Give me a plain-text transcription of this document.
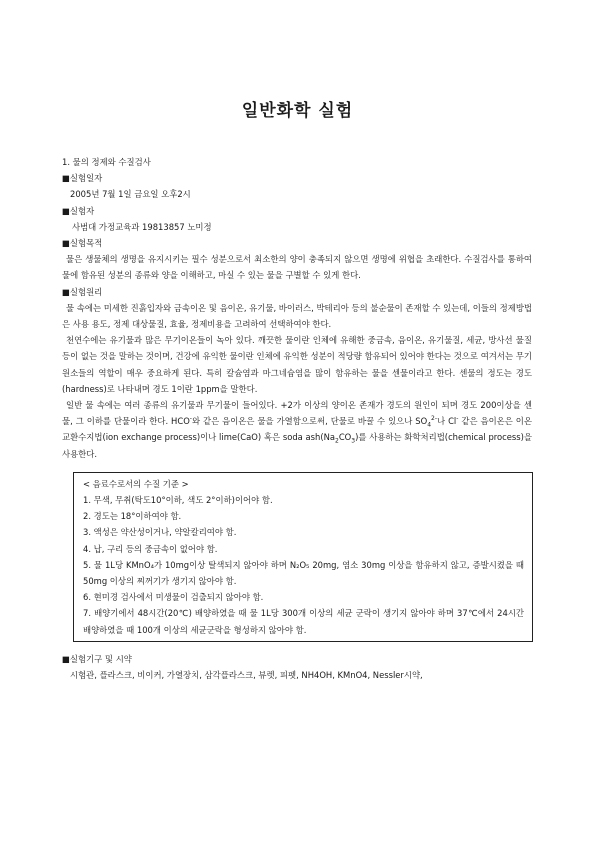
일반화학 실험

1. 물의 정제와 수질검사

■실험일자

2005년 7월 1일 금요일 오후2시

■실험자

사범대 가정교육과 19813857 노미정

■실험목적

물은 생물체의 생명을 유지시키는 필수 성분으로서 최소한의 양이 충족되지 않으면 생명에 위협을 초래한다. 수질검사를 통하여 물에 함유된 성분의 종류와 양을 이해하고, 마실 수 있는 물을 구별할 수 있게 한다.

■실험원리

물 속에는 미세한 진흙입자와 금속이온 및 음이온, 유기물, 바이러스, 박테리아 등의 불순물이 존재할 수 있는데, 이들의 정제방법은 사용 용도, 정제 대상물질, 효율, 정제비용을 고려하여 선택하여야 한다.

천연수에는 유기물과 많은 무기이온들이 녹아 있다. 깨끗한 물이란 인체에 유해한 중금속, 음이온, 유기물질, 세균, 방사선 물질 등이 없는 것을 말하는 것이며, 건강에 유익한 물이란 인체에 유익한 성분이 적당량 함유되어 있어야 한다는 것으로 여겨서는 무기원소들의 역할이 매우 중요하게 된다. 특히 칼슘염과 마그네슘염을 많이 함유하는 물을 센물이라고 한다. 센물의 정도는 경도(hardness)로 나타내며 경도 1이란 1ppm을 말한다.

일반 물 속에는 여러 종류의 유기물과 무기물이 들어있다. +2가 이상의 양이온 존재가 경도의 원인이 되며 경도 200이상을 센물, 그 이하를 단물이라 한다. HCO-와 같은 음이온은 물을 가열함으로써, 단물로 바꿀 수 있으나 $SO_4^{2-}$나 Cl- 같은 음이온은 이온교환수지법(ion exchange process)이나 lime(CaO) 혹은 soda $ash(Na_2CO_3)$를 사용하는 화학처리법(chemical process)을 사용한다.

< 음료수로서의 수질 기준 >

1. 무색, 무취(탁도10°이하, 색도 2°이하)이어야 함.

2. 경도는 18°이하여야 함.

3. 액성은 약산성이거나, 약알칼리여야 함.

4. 납, 구리 등의 중금속이 없어야 함.

5. 물 1L당 KMnO₄가 10mg이상 탈색되지 않아야 하며 N₂O₅ 20mg, 염소 30mg 이상을 함유하지 않고, 증발시켰을 때 50mg 이상의 찌꺼기가 생기지 않아야 함.

6. 현미경 검사에서 미생물이 검출되지 않아야 함.

7. 배양기에서 48시간(20℃) 배양하였을 때 물 1L당 300개 이상의 세균 군락이 생기지 않아야 하며 37℃에서 24시간 배양하였을 때 100개 이상의 세균군락을 형성하지 않아야 함.

■실험기구 및 시약

시험관, 플라스크, 비이커, 가열장치, 삼각플라스크, 뷰렛, 피펫, NH4OH, KMnO4, Nessler시약,
